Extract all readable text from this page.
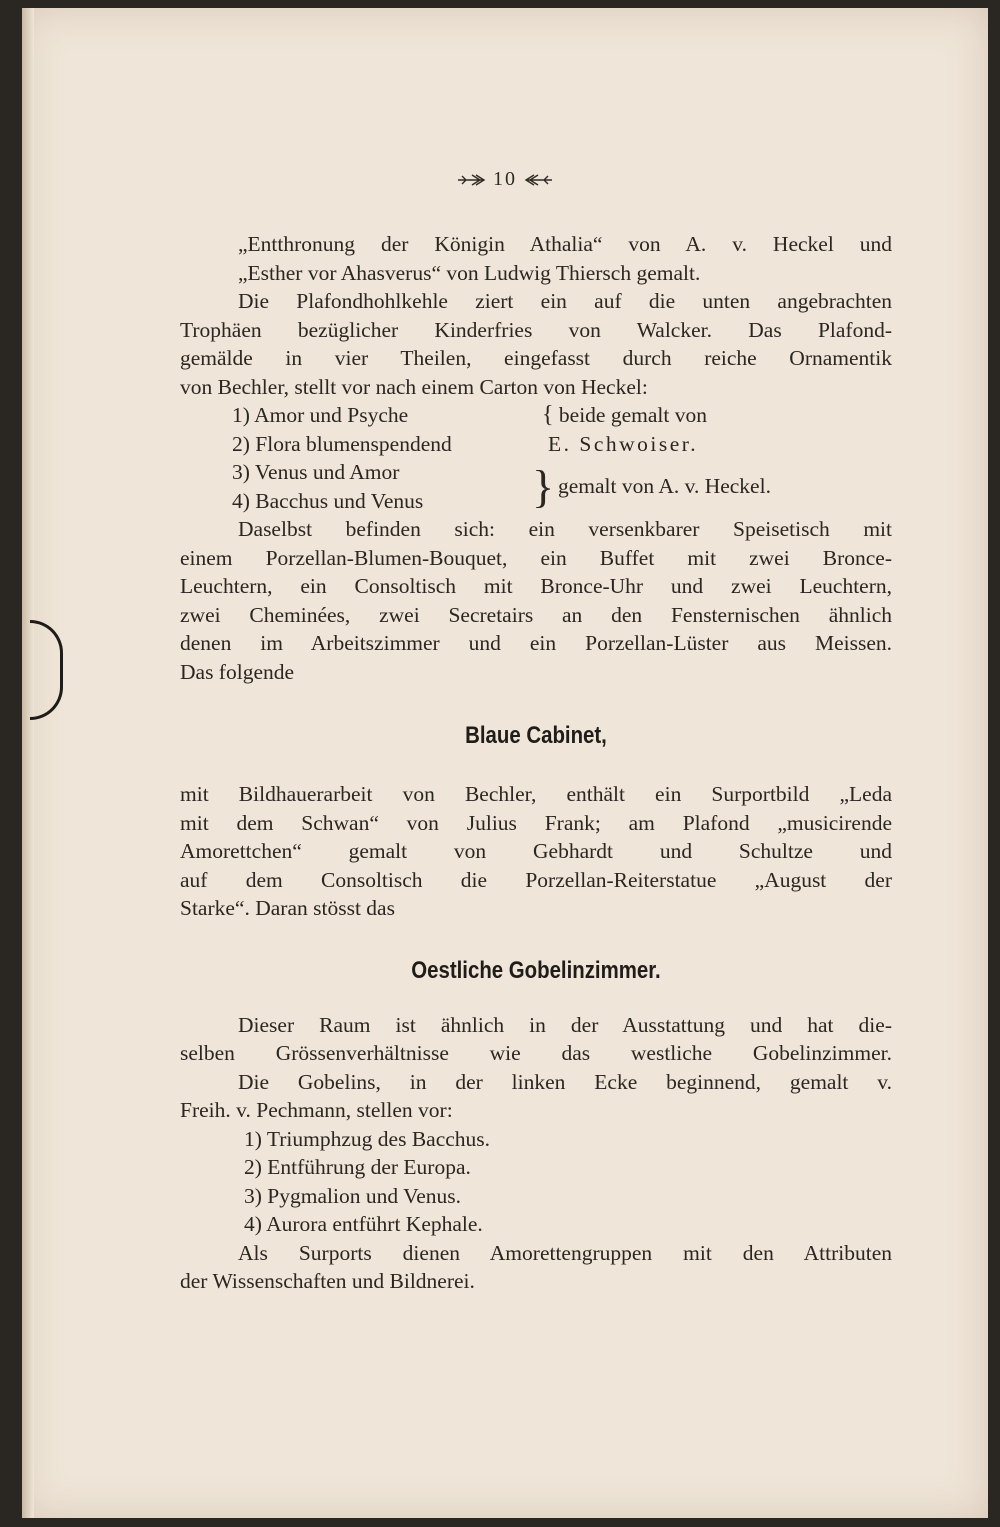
10
„Entthronung der Königin Athalia“ von A. v. Heckel und
„Esther vor Ahasverus“ von Ludwig Thiersch gemalt.
Die Plafondhohlkehle ziert ein auf die unten angebrachten
Trophäen bezüglicher Kinderfries von Walcker. Das Plafond-
gemälde in vier Theilen, eingefasst durch reiche Ornamentik
von Bechler, stellt vor nach einem Carton von Heckel:
1) Amor und Psyche	{ beide gemalt von
2) Flora blumenspendend	E. Schwoiser.
3) Venus und Amor
4) Bacchus und Venus	} gemalt von A. v. Heckel.
Daselbst befinden sich: ein versenkbarer Speisetisch mit
einem Porzellan-Blumen-Bouquet, ein Buffet mit zwei Bronce-
Leuchtern, ein Consoltisch mit Bronce-Uhr und zwei Leuchtern,
zwei Cheminées, zwei Secretairs an den Fensternischen ähnlich
denen im Arbeitszimmer und ein Porzellan-Lüster aus Meissen.
Das folgende
Blaue Cabinet,
mit Bildhauerarbeit von Bechler, enthält ein Surportbild „Leda
mit dem Schwan“ von Julius Frank; am Plafond „musicirende
Amorettchen“ gemalt von Gebhardt und Schultze und
auf dem Consoltisch die Porzellan-Reiterstatue „August der
Starke“. Daran stösst das
Oestliche Gobelinzimmer.
Dieser Raum ist ähnlich in der Ausstattung und hat die-
selben Grössenverhältnisse wie das westliche Gobelinzimmer.
Die Gobelins, in der linken Ecke beginnend, gemalt v.
Freih. v. Pechmann, stellen vor:
1) Triumphzug des Bacchus.
2) Entführung der Europa.
3) Pygmalion und Venus.
4) Aurora entführt Kephale.
Als Surports dienen Amorettengruppen mit den Attributen
der Wissenschaften und Bildnerei.
